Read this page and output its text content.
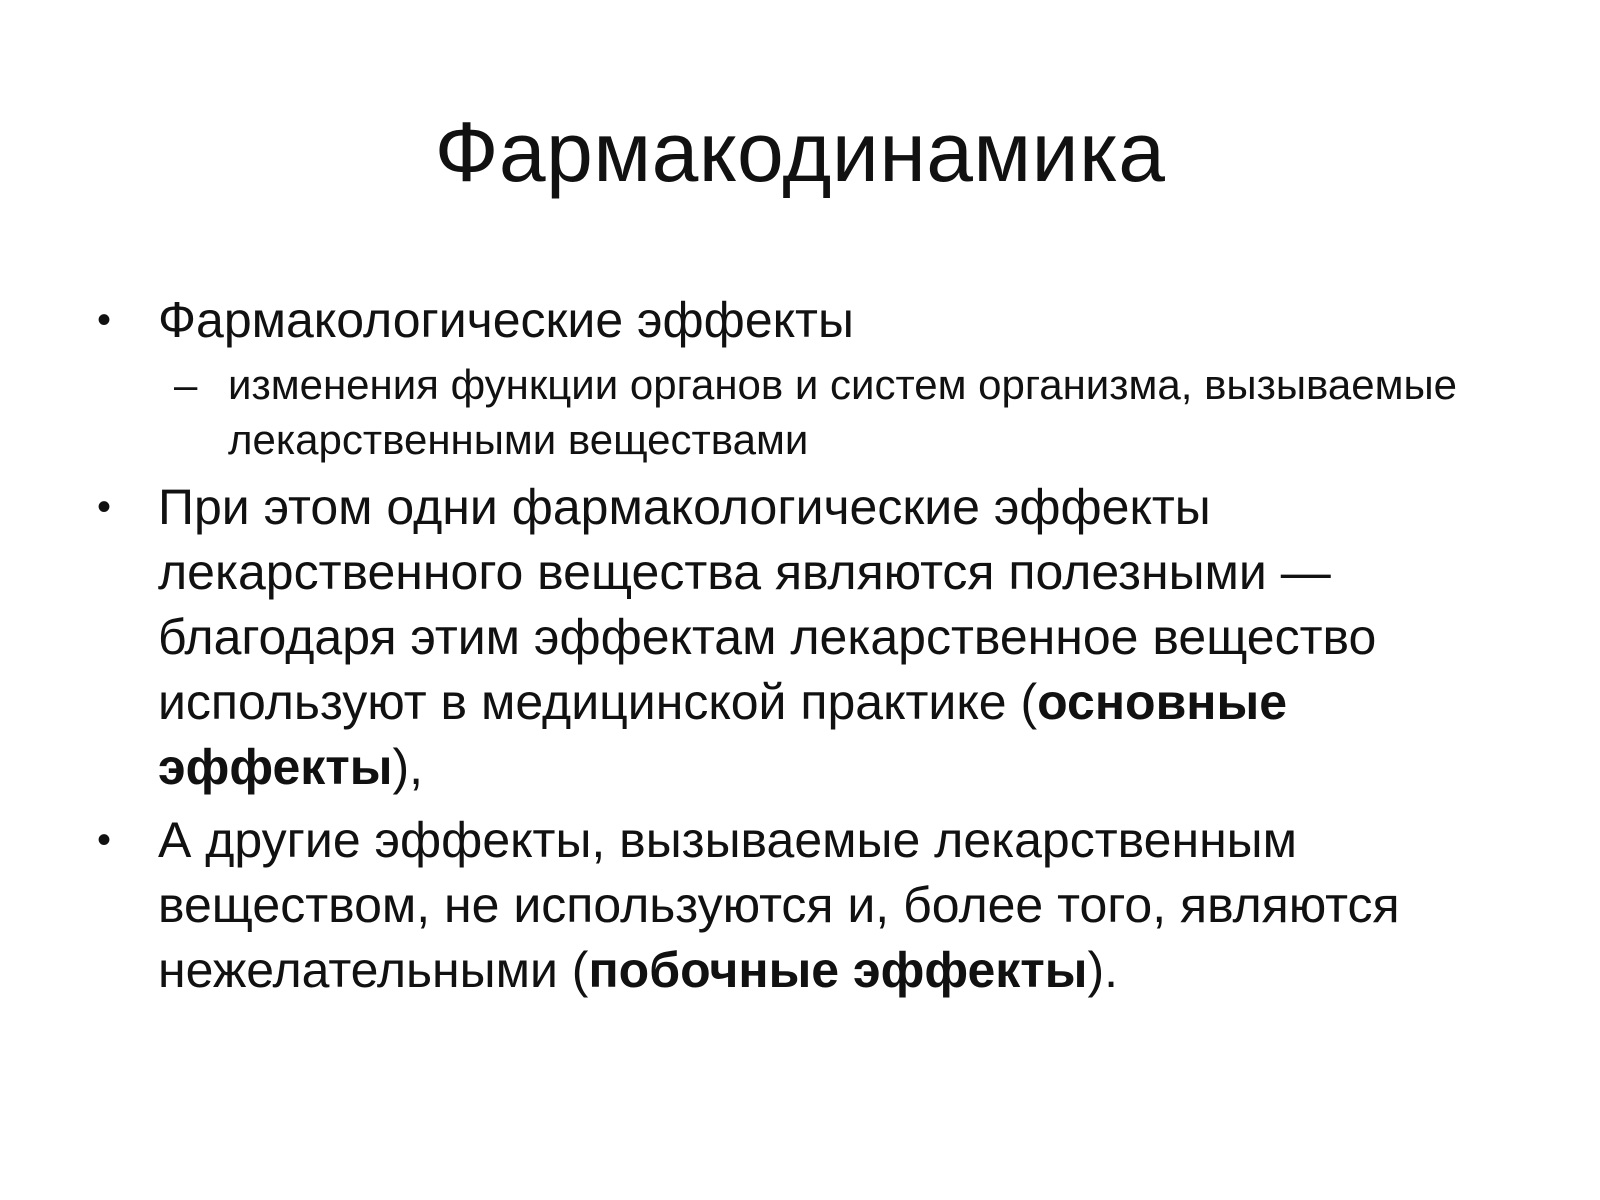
Фармакодинамика
• Фармакологические эффекты
– изменения функции органов и систем организма, вызываемые лекарственными веществами
• При этом одни фармакологические эффекты лекарственного вещества являются полезными — благодаря этим эффектам лекарственное вещество используют в медицинской практике (основные эффекты),
• А другие эффекты, вызываемые лекарственным веществом, не используются и, более того, являются нежелательными (побочные эффекты).
